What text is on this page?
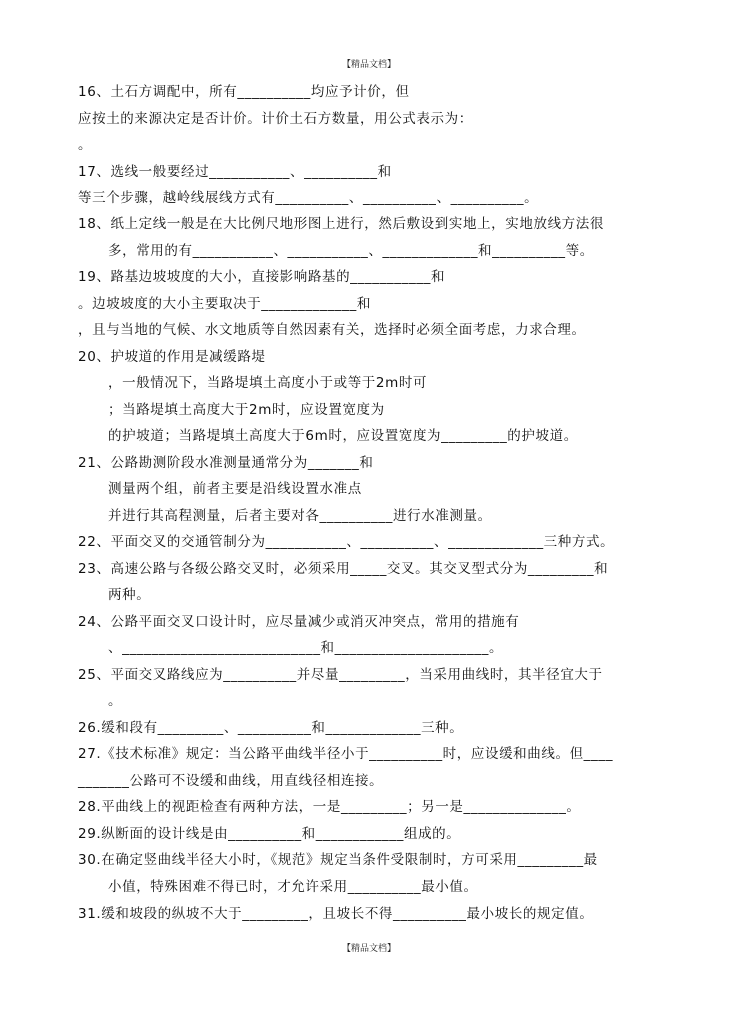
【精品文档】
16、土石方调配中，所有__________均应予计价，但
应按土的来源决定是否计价。计价土石方数量，用公式表示为：
。
17、选线一般要经过___________、__________和
等三个步骤，越岭线展线方式有__________、__________、__________。
18、纸上定线一般是在大比例尺地形图上进行，然后敷设到实地上，实地放线方法很
多，常用的有___________、___________、_____________和__________等。
19、路基边坡坡度的大小，直接影响路基的___________和
。边坡坡度的大小主要取决于_____________和
，且与当地的气候、水文地质等自然因素有关，选择时必须全面考虑，力求合理。
20、护坡道的作用是减缓路堤
，一般情况下，当路堤填土高度小于或等于2m时可
；当路堤填土高度大于2m时，应设置宽度为
的护坡道；当路堤填土高度大于6m时，应设置宽度为_________的护坡道。
21、公路勘测阶段水准测量通常分为_______和
测量两个组，前者主要是沿线设置水准点
并进行其高程测量，后者主要对各__________进行水准测量。
22、平面交叉的交通管制分为___________、__________、_____________三种方式。
23、高速公路与各级公路交叉时，必须采用_____交叉。其交叉型式分为_________和
两种。
24、公路平面交叉口设计时，应尽量减少或消灭冲突点，常用的措施有
、___________________________和_____________________。
25、平面交叉路线应为__________并尽量_________，当采用曲线时，其半径宜大于
。
26.缓和段有_________、__________和_____________三种。
27.《技术标准》规定：当公路平曲线半径小于__________时，应设缓和曲线。但____
_______公路可不设缓和曲线，用直线径相连接。
28.平曲线上的视距检查有两种方法，一是_________；另一是______________。
29.纵断面的设计线是由__________和____________组成的。
30.在确定竖曲线半径大小时，《规范》规定当条件受限制时，方可采用_________最
小值，特殊困难不得已时，才允许采用__________最小值。
31.缓和坡段的纵坡不大于_________，且坡长不得__________最小坡长的规定值。
【精品文档】
